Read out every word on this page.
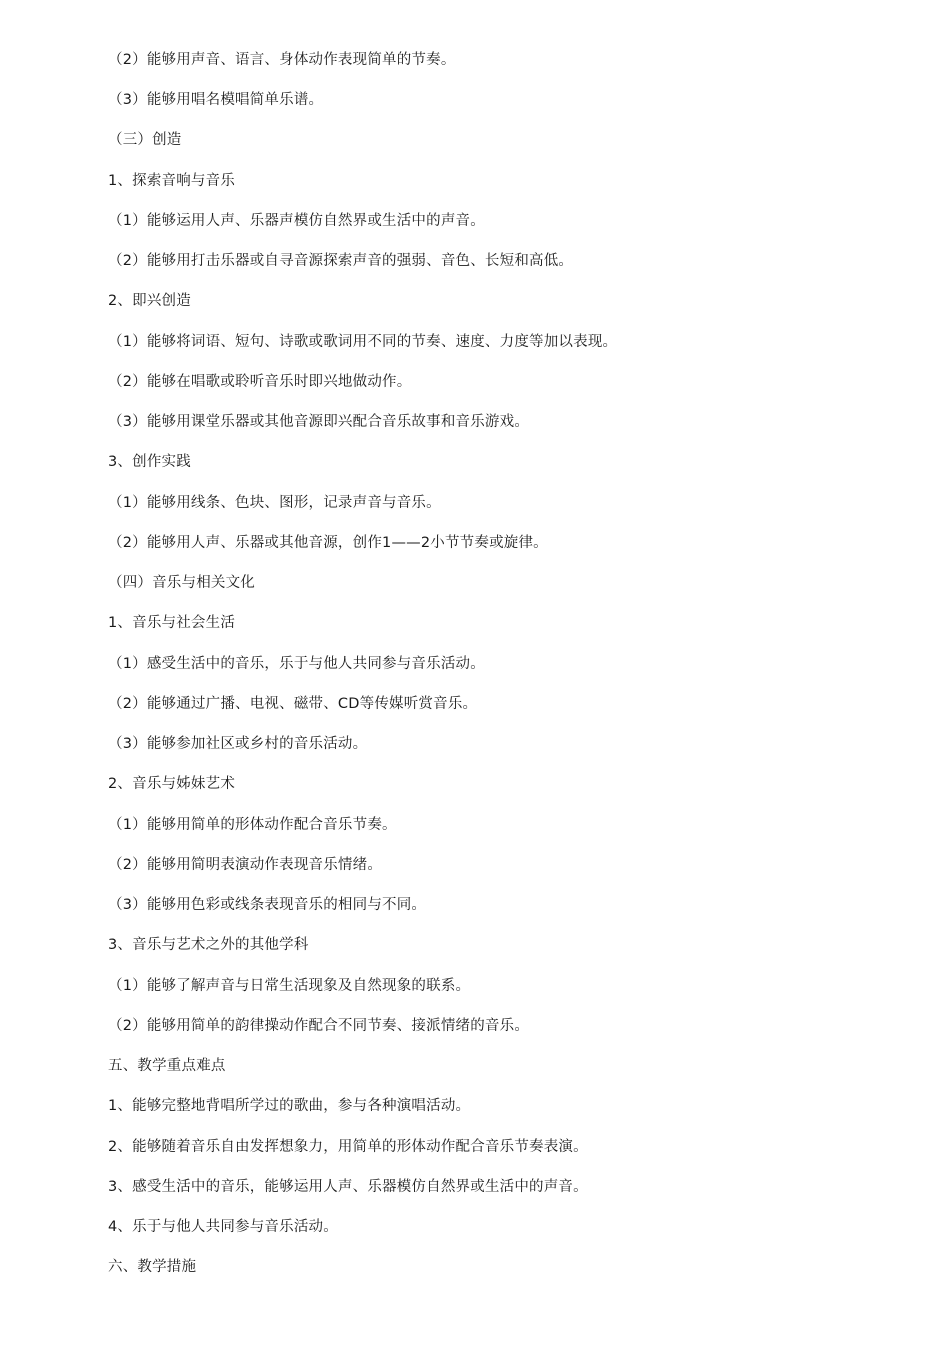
（2）能够用声音、语言、身体动作表现简单的节奏。
（3）能够用唱名模唱简单乐谱。
（三）创造
1、探索音响与音乐
（1）能够运用人声、乐器声模仿自然界或生活中的声音。
（2）能够用打击乐器或自寻音源探索声音的强弱、音色、长短和高低。
2、即兴创造
（1）能够将词语、短句、诗歌或歌词用不同的节奏、速度、力度等加以表现。
（2）能够在唱歌或聆听音乐时即兴地做动作。
（3）能够用课堂乐器或其他音源即兴配合音乐故事和音乐游戏。
3、创作实践
（1）能够用线条、色块、图形，记录声音与音乐。
（2）能够用人声、乐器或其他音源，创作1——2小节节奏或旋律。
（四）音乐与相关文化
1、音乐与社会生活
（1）感受生活中的音乐，乐于与他人共同参与音乐活动。
（2）能够通过广播、电视、磁带、CD等传媒听赏音乐。
（3）能够参加社区或乡村的音乐活动。
2、音乐与姊妹艺术
（1）能够用简单的形体动作配合音乐节奏。
（2）能够用简明表演动作表现音乐情绪。
（3）能够用色彩或线条表现音乐的相同与不同。
3、音乐与艺术之外的其他学科
（1）能够了解声音与日常生活现象及自然现象的联系。
（2）能够用简单的韵律操动作配合不同节奏、接派情绪的音乐。
五、教学重点难点
1、能够完整地背唱所学过的歌曲，参与各种演唱活动。
2、能够随着音乐自由发挥想象力，用简单的形体动作配合音乐节奏表演。
3、感受生活中的音乐，能够运用人声、乐器模仿自然界或生活中的声音。
4、乐于与他人共同参与音乐活动。
六、教学措施
